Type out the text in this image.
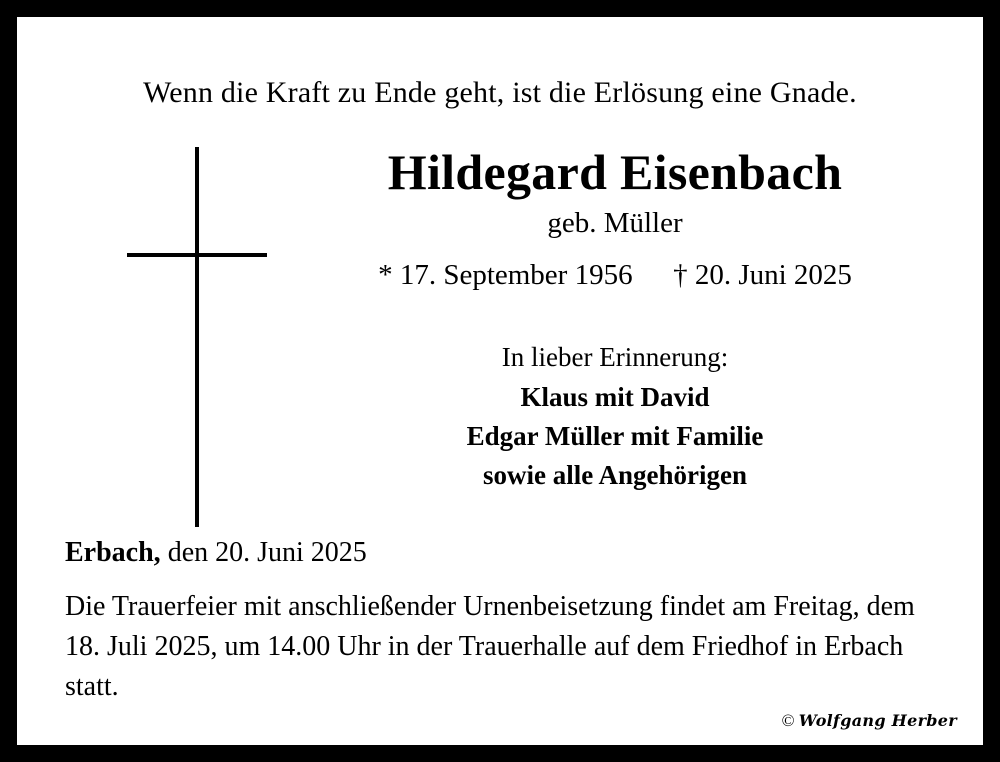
Wenn die Kraft zu Ende geht, ist die Erlösung eine Gnade.
Hildegard Eisenbach
geb. Müller
* 17. September 1956 † 20. Juni 2025
In lieber Erinnerung:
Klaus mit David
Edgar Müller mit Familie
sowie alle Angehörigen
Erbach, den 20. Juni 2025
Die Trauerfeier mit anschließender Urnenbeisetzung findet am Freitag, dem 18. Juli 2025, um 14.00 Uhr in der Trauerhalle auf dem Friedhof in Erbach statt.
© Wolfgang Herber
